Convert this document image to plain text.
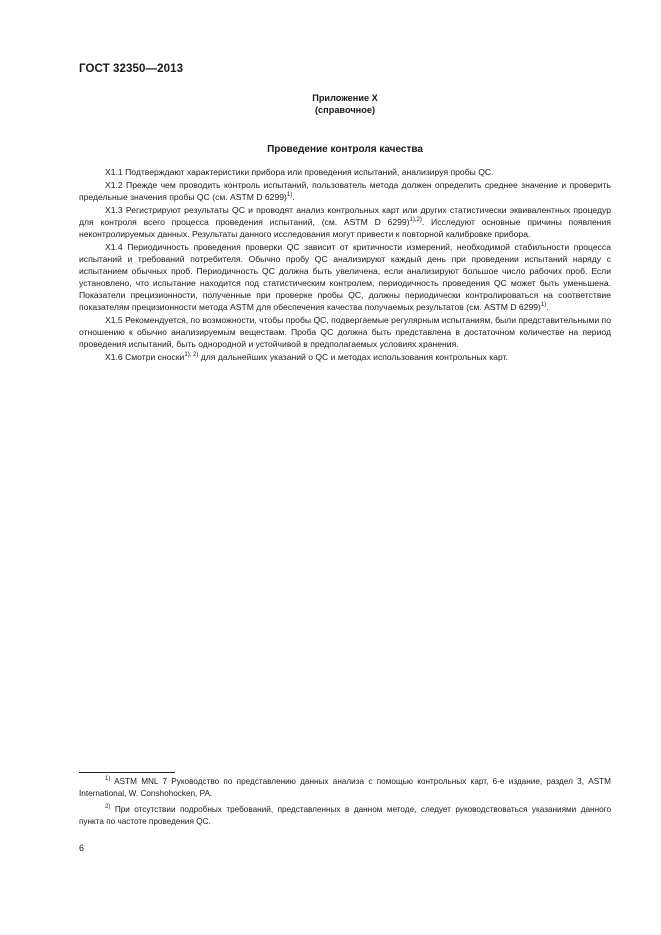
ГОСТ 32350—2013
Приложение Х
(справочное)
Проведение контроля качества

X1.1 Подтверждают характеристики прибора или проведения испытаний, анализируя пробы QC.

X1.2 Прежде чем проводить контроль испытаний, пользователь метода должен определить среднее значение и проверить предельные значения пробы QC (см. ASTM D 6299)$^{1)}$.

X1.3 Регистрируют результаты QC и проводят анализ контрольных карт или других статистически эквивалентных процедур для контроля всего процесса проведения испытаний, (см. ASTM D 6299)$^{1),2)}$. Исследуют основные причины появления неконтролируемых данных. Результаты данного исследования могут привести к повторной калибровке прибора.

X1.4 Периодичность проведения проверки QC зависит от критичности измерений, необходимой стабильности процесса испытаний и требований потребителя. Обычно пробу QC анализируют каждый день при проведении испытаний наряду с испытанием обычных проб. Периодичность QC должна быть увеличена, если анализируют большое число рабочих проб. Если установлено, что испытание находится под статистическим контролем, периодичность проведения QC может быть уменьшена. Показатели прецизионности, полученные при проверке пробы QC, должны периодически контролироваться на соответствие показателям прецизионности метода ASTM для обеспечения качества получаемых результатов (см. ASTM D 6299)$^{1)}$.

X1.5 Рекомендуется, по возможности, чтобы пробы QC, подвергаемые регулярным испытаниям, были представительными по отношению к обычно анализируемым веществам. Проба QC должна быть представлена в достаточном количестве на период проведения испытаний, быть однородной и устойчивой в предполагаемых условиях хранения.

X1.6 Смотри сноски$^{1), 2)}$ для дальнейших указаний о QC и методах использования контрольных карт.

$^{1)}$ ASTM MNL 7 Руководство по представлению данных анализа с помощью контрольных карт, 6-е издание, раздел 3, ASTM International, W. Conshohocken, PA.

$^{2)}$ При отсутствии подробных требований, представленных в данном методе, следует руководствоваться указаниями данного пункта по частоте проведения QC.

6
